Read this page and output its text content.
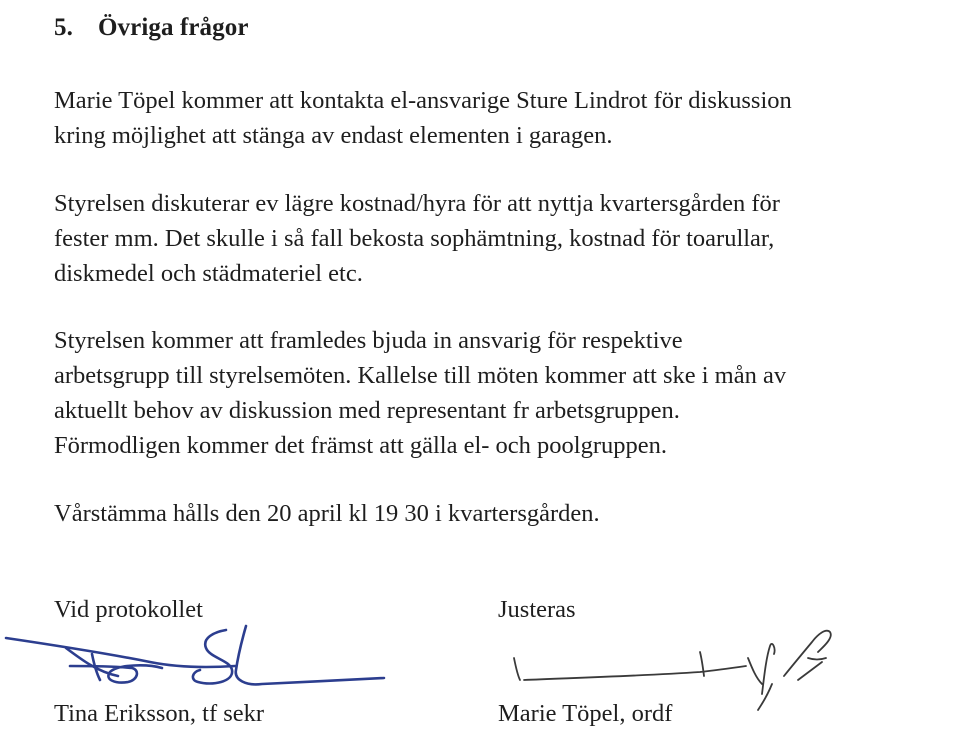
5. Övriga frågor
Marie Töpel kommer att kontakta el-ansvarige Sture Lindrot för diskussion
kring möjlighet att stänga av endast elementen i garagen.
Styrelsen diskuterar ev lägre kostnad/hyra för att nyttja kvartersgården för
fester mm. Det skulle i så fall bekosta sophämtning, kostnad för toarullar,
diskmedel och städmateriel etc.
Styrelsen kommer att framledes bjuda in ansvarig för respektive
arbetsgrupp till styrelsemöten. Kallelse till möten kommer att ske i mån av
aktuellt behov av diskussion med representant fr arbetsgruppen.
Förmodligen kommer det främst att gälla el- och poolgruppen.
Vårstämma hålls den 20 april kl 19 30 i kvartersgården.
Vid protokollet	Justeras
Tina Eriksson, tf sekr	Marie Töpel, ordf
